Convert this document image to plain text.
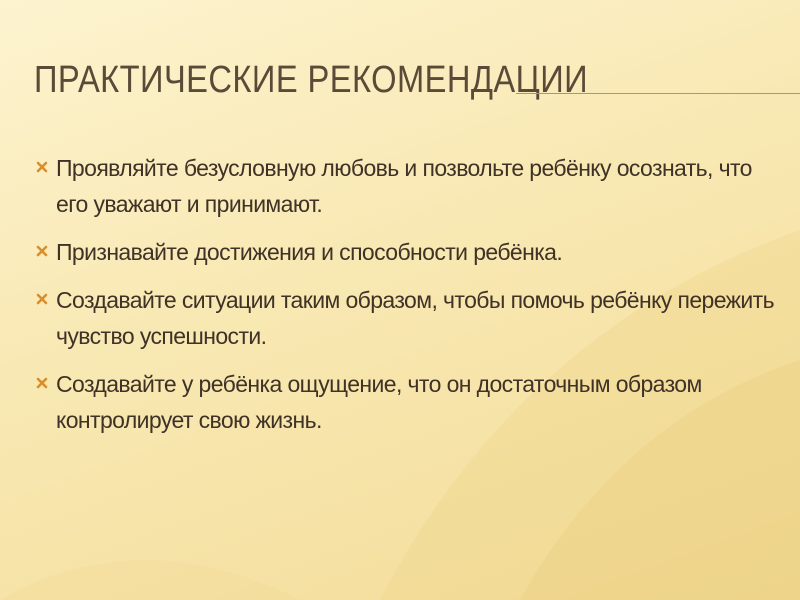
ПРАКТИЧЕСКИЕ РЕКОМЕНДАЦИИ
Проявляйте безусловную любовь и позвольте ребёнку осознать, что его уважают и принимают.
Признавайте достижения и способности ребёнка.
Создавайте ситуации таким образом, чтобы помочь ребёнку пережить чувство успешности.
Создавайте у ребёнка ощущение, что он достаточным образом контролирует свою жизнь.
